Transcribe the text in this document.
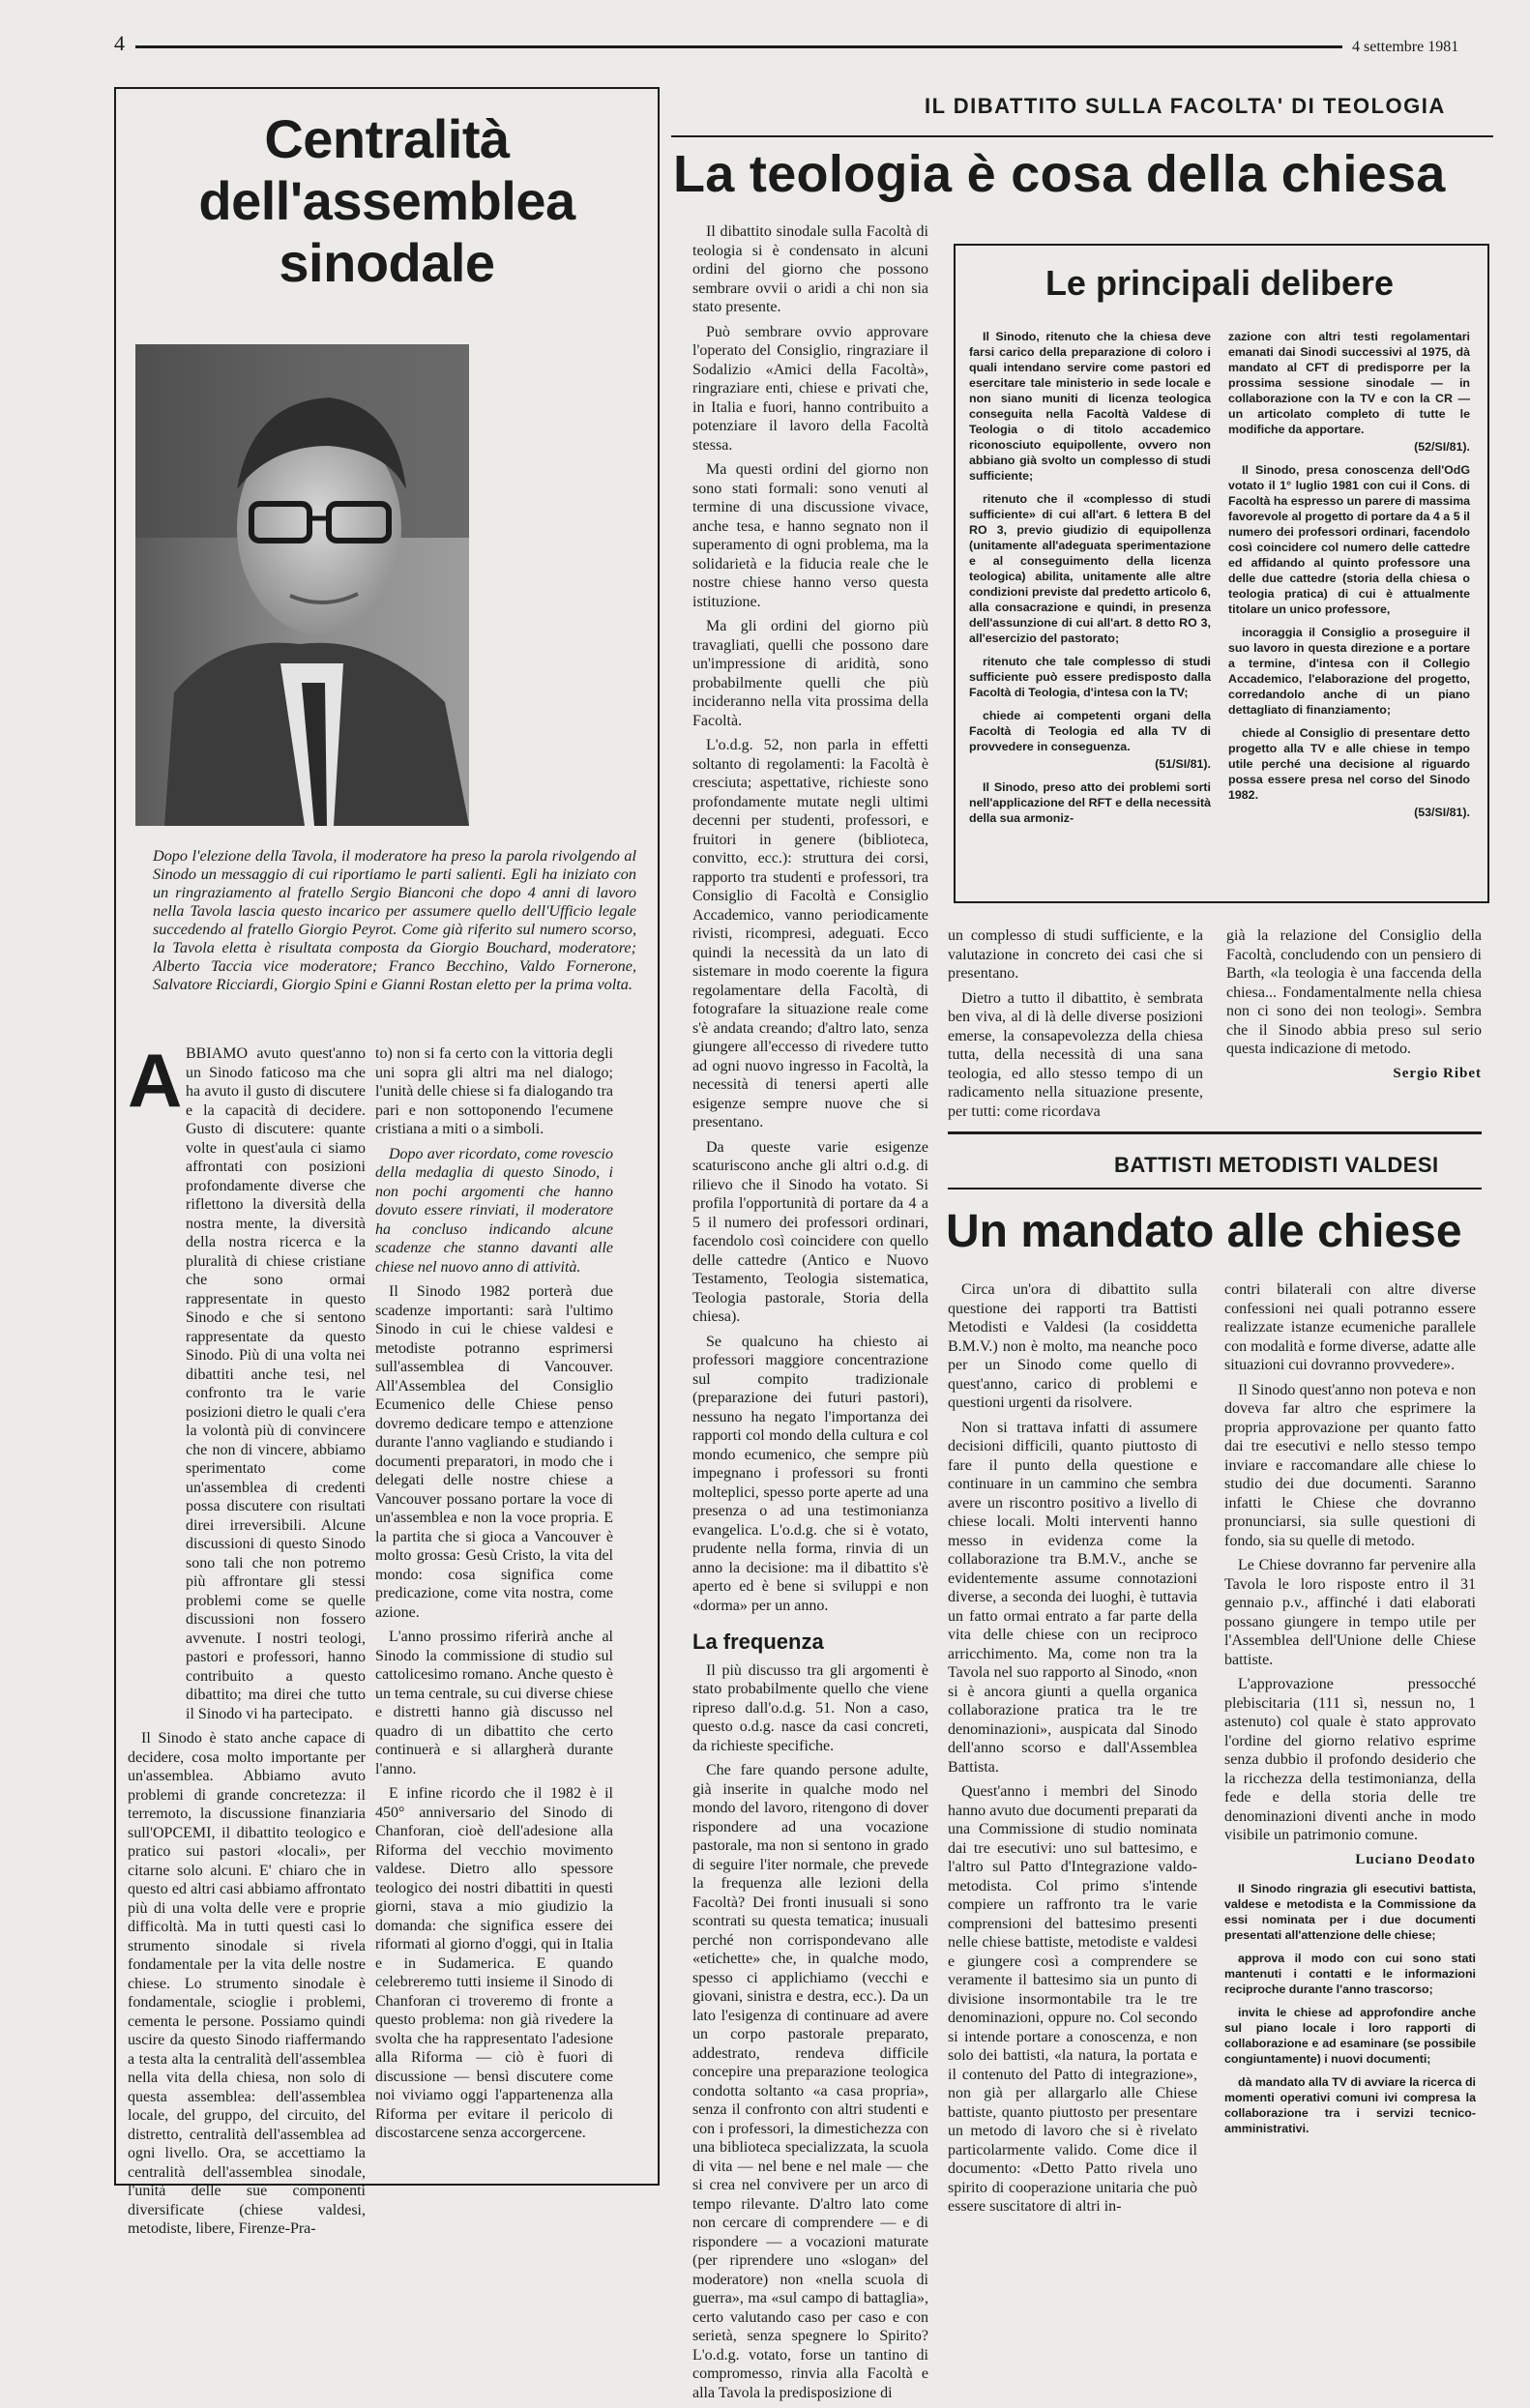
4	4 settembre 1981
Centralità dell'assemblea sinodale
Dopo l'elezione della Tavola, il moderatore ha preso la parola rivolgendo al Sinodo un messaggio di cui riportiamo le parti salienti. Egli ha iniziato con un ringraziamento al fratello Sergio Bianconi che dopo 4 anni di lavoro nella Tavola lascia questo incarico per assumere quello dell'Ufficio legale succedendo al fratello Giorgio Peyrot. Come già riferito sul numero scorso, la Tavola eletta è risultata composta da Giorgio Bouchard, moderatore; Alberto Taccia vice moderatore; Franco Becchino, Valdo Fornerone, Salvatore Ricciardi, Giorgio Spini e Gianni Rostan eletto per la prima volta.
A BBIAMO avuto quest'anno un Sinodo faticoso ma che ha avuto il gusto di discutere e la capacità di decidere. Gusto di discutere: quante volte in quest'aula ci siamo affrontati con posizioni profondamente diverse che riflettono la diversità della nostra mente, la diversità della nostra ricerca e la pluralità di chiese cristiane che sono ormai rappresentate in questo Sinodo e che si sentono rappresentate da questo Sinodo. Più di una volta nei dibattiti anche tesi, nel confronto tra le varie posizioni dietro le quali c'era la volontà più di convincere che non di vincere, abbiamo sperimentato come un'assemblea di credenti possa discutere con risultati direi irreversibili. Alcune discussioni di questo Sinodo sono tali che non potremo più affrontare gli stessi problemi come se quelle discussioni non fossero avvenute. I nostri teologi, pastori e professori, hanno contribuito a questo dibattito; ma direi che tutto il Sinodo vi ha partecipato.

Il Sinodo è stato anche capace di decidere, cosa molto importante per un'assemblea. Abbiamo avuto problemi di grande concretezza: il terremoto, la discussione finanziaria sull'OPCEMI, il dibattito teologico e pratico sui pastori «locali», per citarne solo alcuni. E' chiaro che in questo ed altri casi abbiamo affrontato più di una volta delle vere e proprie difficoltà. Ma in tutti questi casi lo strumento sinodale si rivela fondamentale per la vita delle nostre chiese. Lo strumento sinodale è fondamentale, scioglie i problemi, cementa le persone. Possiamo quindi uscire da questo Sinodo riaffermando a testa alta la centralità dell'assemblea nella vita della chiesa, non solo di questa assemblea: dell'assemblea locale, del gruppo, del circuito, del distretto, centralità dell'assemblea ad ogni livello. Ora, se accettiamo la centralità dell'assemblea sinodale, l'unità delle sue componenti diversificate (chiese valdesi, metodiste, libere, Firenze-Pra-

to) non si fa certo con la vittoria degli uni sopra gli altri ma nel dialogo; l'unità delle chiese si fa dialogando tra pari e non sottoponendo l'ecumene cristiana a miti o a simboli.

Dopo aver ricordato, come rovescio della medaglia di questo Sinodo, i non pochi argomenti che hanno dovuto essere rinviati, il moderatore ha concluso indicando alcune scadenze che stanno davanti alle chiese nel nuovo anno di attività.

Il Sinodo 1982 porterà due scadenze importanti: sarà l'ultimo Sinodo in cui le chiese valdesi e metodiste potranno esprimersi sull'assemblea di Vancouver. All'Assemblea del Consiglio Ecumenico delle Chiese penso dovremo dedicare tempo e attenzione durante l'anno vagliando e studiando i documenti preparatori, in modo che i delegati delle nostre chiese a Vancouver possano portare la voce di un'assemblea e non la voce propria. E la partita che si gioca a Vancouver è molto grossa: Gesù Cristo, la vita del mondo: cosa significa come predicazione, come vita nostra, come azione.

L'anno prossimo riferirà anche al Sinodo la commissione di studio sul cattolicesimo romano. Anche questo è un tema centrale, su cui diverse chiese e distretti hanno già discusso nel quadro di un dibattito che certo continuerà e si allargherà durante l'anno.

E infine ricordo che il 1982 è il 450° anniversario del Sinodo di Chanforan, cioè dell'adesione alla Riforma del vecchio movimento valdese. Dietro allo spessore teologico dei nostri dibattiti in questi giorni, stava a mio giudizio la domanda: che significa essere dei riformati al giorno d'oggi, qui in Italia e in Sudamerica. E quando celebreremo tutti insieme il Sinodo di Chanforan ci troveremo di fronte a questo problema: non già rivedere la svolta che ha rappresentato l'adesione alla Riforma — ciò è fuori di discussione — bensì discutere come noi viviamo oggi l'appartenenza alla Riforma per evitare il pericolo di discostarcene senza accorgercene.

IL DIBATTITO SULLA FACOLTA' DI TEOLOGIA
La teologia è cosa della chiesa

Il dibattito sinodale sulla Facoltà di teologia si è condensato in alcuni ordini del giorno che possono sembrare ovvii o aridi a chi non sia stato presente.

Può sembrare ovvio approvare l'operato del Consiglio, ringraziare il Sodalizio «Amici della Facoltà», ringraziare enti, chiese e privati che, in Italia e fuori, hanno contribuito a potenziare il lavoro della Facoltà stessa.

Ma questi ordini del giorno non sono stati formali: sono venuti al termine di una discussione vivace, anche tesa, e hanno segnato non il superamento di ogni problema, ma la solidarietà e la fiducia reale che le nostre chiese hanno verso questa istituzione.

Ma gli ordini del giorno più travagliati, quelli che possono dare un'impressione di aridità, sono probabilmente quelli che più incideranno nella vita prossima della Facoltà.

L'o.d.g. 52, non parla in effetti soltanto di regolamenti: la Facoltà è cresciuta; aspettative, richieste sono profondamente mutate negli ultimi decenni per studenti, professori, e fruitori in genere (biblioteca, convitto, ecc.): struttura dei corsi, rapporto tra studenti e professori, tra Consiglio di Facoltà e Consiglio Accademico, vanno periodicamente rivisti, ricompresi, adeguati. Ecco quindi la necessità da un lato di sistemare in modo coerente la figura regolamentare della Facoltà, di fotografare la situazione reale come s'è andata creando; d'altro lato, senza giungere all'eccesso di rivedere tutto ad ogni nuovo ingresso in Facoltà, la necessità di tenersi aperti alle esigenze sempre nuove che si presentano.

Da queste varie esigenze scaturiscono anche gli altri o.d.g. di rilievo che il Sinodo ha votato. Si profila l'opportunità di portare da 4 a 5 il numero dei professori ordinari, facendolo così coincidere con quello delle cattedre (Antico e Nuovo Testamento, Teologia sistematica, Teologia pastorale, Storia della chiesa).

Se qualcuno ha chiesto ai professori maggiore concentrazione sul compito tradizionale (preparazione dei futuri pastori), nessuno ha negato l'importanza dei rapporti col mondo della cultura e col mondo ecumenico, che sempre più impegnano i professori su fronti molteplici, spesso porte aperte ad una presenza o ad una testimonianza evangelica. L'o.d.g. che si è votato, prudente nella forma, rinvia di un anno la decisione: ma il dibattito s'è aperto ed è bene si sviluppi e non «dorma» per un anno.

La frequenza

Il più discusso tra gli argomenti è stato probabilmente quello che viene ripreso dall'o.d.g. 51. Non a caso, questo o.d.g. nasce da casi concreti, da richieste specifiche.

Che fare quando persone adulte, già inserite in qualche modo nel mondo del lavoro, ritengono di dover rispondere ad una vocazione pastorale, ma non si sentono in grado di seguire l'iter normale, che prevede la frequenza alle lezioni della Facoltà? Dei fronti inusuali si sono scontrati su questa tematica; inusuali perché non corrispondevano alle «etichette» che, in qualche modo, spesso ci applichiamo (vecchi e giovani, sinistra e destra, ecc.). Da un lato l'esigenza di continuare ad avere un corpo pastorale preparato, addestrato, rendeva difficile concepire una preparazione teologica condotta soltanto «a casa propria», senza il confronto con altri studenti e con i professori, la dimestichezza con una biblioteca specializzata, la scuola di vita — nel bene e nel male — che si crea nel convivere per un arco di tempo rilevante. D'altro lato come non cercare di comprendere — e di rispondere — a vocazioni maturate (per riprendere uno «slogan» del moderatore) non «nella scuola di guerra», ma «sul campo di battaglia», certo valutando caso per caso e con serietà, senza spegnere lo Spirito? L'o.d.g. votato, forse un tantino di compromesso, rinvia alla Facoltà e alla Tavola la predisposizione di

Le principali delibere

Il Sinodo, ritenuto che la chiesa deve farsi carico della preparazione di coloro i quali intendano servire come pastori ed esercitare tale ministerio in sede locale e non siano muniti di licenza teologica conseguita nella Facoltà Valdese di Teologia o di titolo accademico riconosciuto equipollente, ovvero non abbiano già svolto un complesso di studi sufficiente;

ritenuto che il «complesso di studi sufficiente» di cui all'art. 6 lettera B del RO 3, previo giudizio di equipollenza (unitamente all'adeguata sperimentazione e al conseguimento della licenza teologica) abilita, unitamente alle altre condizioni previste dal predetto articolo 6, alla consacrazione e quindi, in presenza dell'assunzione di cui all'art. 8 detto RO 3, all'esercizio del pastorato;

ritenuto che tale complesso di studi sufficiente può essere predisposto dalla Facoltà di Teologia, d'intesa con la TV;

chiede ai competenti organi della Facoltà di Teologia ed alla TV di provvedere in conseguenza.

(51/SI/81).

Il Sinodo, preso atto dei problemi sorti nell'applicazione del RFT e della necessità della sua armoniz-

zazione con altri testi regolamentari emanati dai Sinodi successivi al 1975, dà mandato al CFT di predisporre per la prossima sessione sinodale — in collaborazione con la TV e con la CR — un articolato completo di tutte le modifiche da apportare.

(52/SI/81).

Il Sinodo, presa conoscenza dell'OdG votato il 1° luglio 1981 con cui il Cons. di Facoltà ha espresso un parere di massima favorevole al progetto di portare da 4 a 5 il numero dei professori ordinari, facendolo così coincidere col numero delle cattedre ed affidando al quinto professore una delle due cattedre (storia della chiesa o teologia pratica) di cui è attualmente titolare un unico professore,

incoraggia il Consiglio a proseguire il suo lavoro in questa direzione e a portare a termine, d'intesa con il Collegio Accademico, l'elaborazione del progetto, corredandolo anche di un piano dettagliato di finanziamento;

chiede al Consiglio di presentare detto progetto alla TV e alle chiese in tempo utile perché una decisione al riguardo possa essere presa nel corso del Sinodo 1982.

(53/SI/81).

un complesso di studi sufficiente, e la valutazione in concreto dei casi che si presentano.

Dietro a tutto il dibattito, è sembrata ben viva, al di là delle diverse posizioni emerse, la consapevolezza della chiesa tutta, della necessità di una sana teologia, ed allo stesso tempo di un radicamento nella situazione presente, per tutti: come ricordava

già la relazione del Consiglio della Facoltà, concludendo con un pensiero di Barth, «la teologia è una faccenda della chiesa... Fondamentalmente nella chiesa non ci sono dei non teologi». Sembra che il Sinodo abbia preso sul serio questa indicazione di metodo.

Sergio Ribet
BATTISTI METODISTI VALDESI
Un mandato alle chiese

Circa un'ora di dibattito sulla questione dei rapporti tra Battisti Metodisti e Valdesi (la cosiddetta B.M.V.) non è molto, ma neanche poco per un Sinodo come quello di quest'anno, carico di problemi e questioni urgenti da risolvere.

Non si trattava infatti di assumere decisioni difficili, quanto piuttosto di fare il punto della questione e continuare in un cammino che sembra avere un riscontro positivo a livello di chiese locali. Molti interventi hanno messo in evidenza come la collaborazione tra B.M.V., anche se evidentemente assume connotazioni diverse, a seconda dei luoghi, è tuttavia un fatto ormai entrato a far parte della vita delle chiese con un reciproco arricchimento. Ma, come non tra la Tavola nel suo rapporto al Sinodo, «non si è ancora giunti a quella organica collaborazione pratica tra le tre denominazioni», auspicata dal Sinodo dell'anno scorso e dall'Assemblea Battista.

Quest'anno i membri del Sinodo hanno avuto due documenti preparati da una Commissione di studio nominata dai tre esecutivi: uno sul battesimo, e l'altro sul Patto d'Integrazione valdo-metodista. Col primo s'intende compiere un raffronto tra le varie comprensioni del battesimo presenti nelle chiese battiste, metodiste e valdesi e giungere così a comprendere se veramente il battesimo sia un punto di divisione insormontabile tra le tre denominazioni, oppure no. Col secondo si intende portare a conoscenza, e non solo dei battisti, «la natura, la portata e il contenuto del Patto di integrazione», non già per allargarlo alle Chiese battiste, quanto piuttosto per presentare un metodo di lavoro che si è rivelato particolarmente valido. Come dice il documento: «Detto Patto rivela uno spirito di cooperazione unitaria che può essere suscitatore di altri in-

contri bilaterali con altre diverse confessioni nei quali potranno essere realizzate istanze ecumeniche parallele con modalità e forme diverse, adatte alle situazioni cui dovranno provvedere».

Il Sinodo quest'anno non poteva e non doveva far altro che esprimere la propria approvazione per quanto fatto dai tre esecutivi e nello stesso tempo inviare e raccomandare alle chiese lo studio dei due documenti. Saranno infatti le Chiese che dovranno pronunciarsi, sia sulle questioni di fondo, sia su quelle di metodo.

Le Chiese dovranno far pervenire alla Tavola le loro risposte entro il 31 gennaio p.v., affinché i dati elaborati possano giungere in tempo utile per l'Assemblea dell'Unione delle Chiese battiste.

L'approvazione pressocché plebiscitaria (111 sì, nessun no, 1 astenuto) col quale è stato approvato l'ordine del giorno relativo esprime senza dubbio il profondo desiderio che la ricchezza della testimonianza, della fede e della storia delle tre denominazioni diventi anche in modo visibile un patrimonio comune.

Luciano Deodato

Il Sinodo ringrazia gli esecutivi battista, valdese e metodista e la Commissione da essi nominata per i due documenti presentati all'attenzione delle chiese;

approva il modo con cui sono stati mantenuti i contatti e le informazioni reciproche durante l'anno trascorso;

invita le chiese ad approfondire anche sul piano locale i loro rapporti di collaborazione e ad esaminare (se possibile congiuntamente) i nuovi documenti;

dà mandato alla TV di avviare la ricerca di momenti operativi comuni ivi compresa la collaborazione tra i servizi tecnico-amministrativi.
